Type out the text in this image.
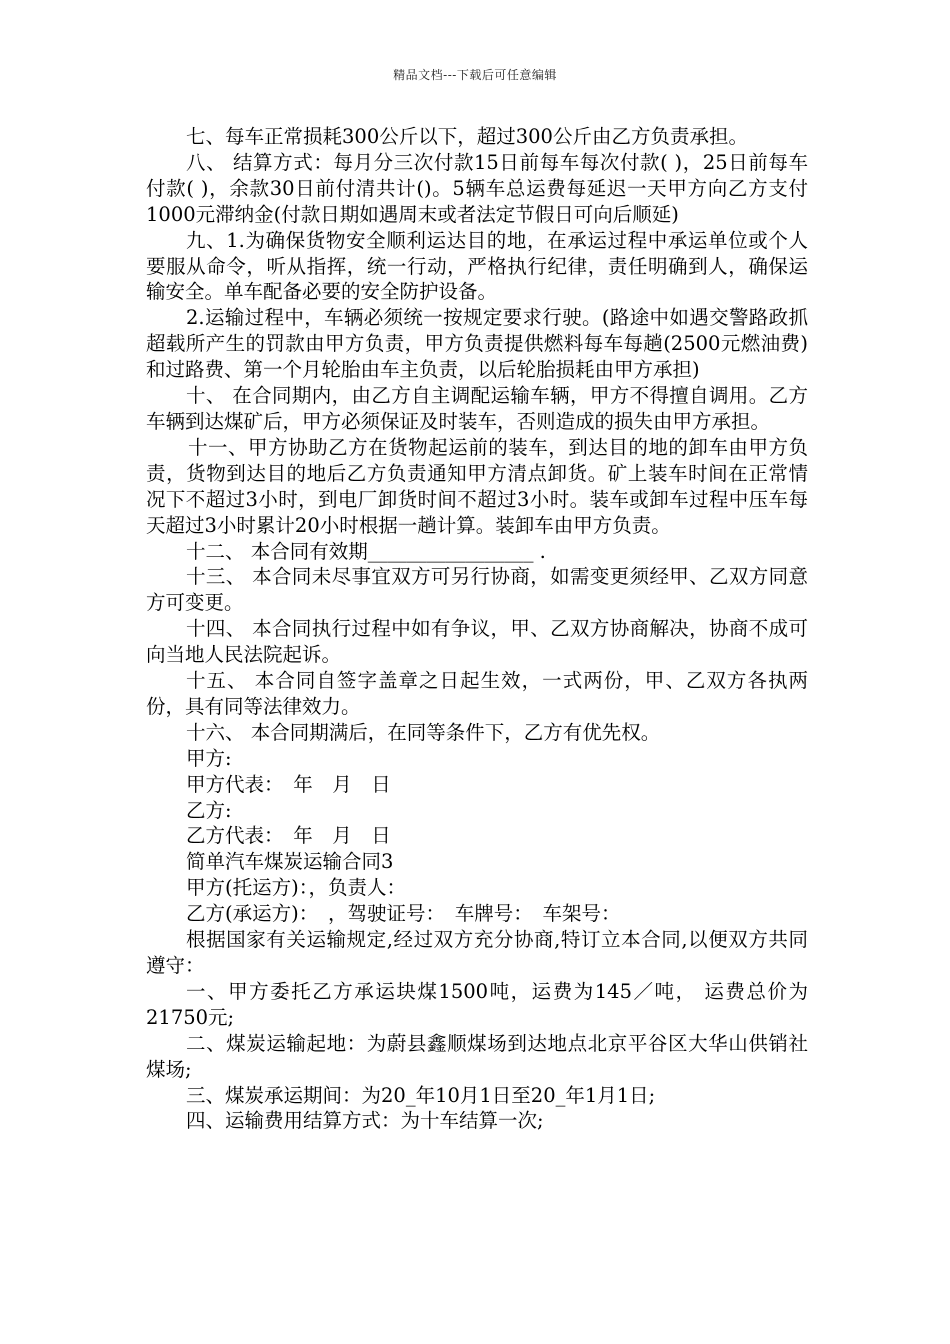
精品文档---下载后可任意编辑

七、每车正常损耗300公斤以下，超过300公斤由乙方负责承担。

八、 结算方式：每月分三次付款15日前每车每次付款( )，25日前每车付款( )，余款30日前付清共计()。5辆车总运费每延迟一天甲方向乙方支付1000元滞纳金(付款日期如遇周末或者法定节假日可向后顺延)

九、1.为确保货物安全顺利运达目的地，在承运过程中承运单位或个人要服从命令，听从指挥，统一行动，严格执行纪律，责任明确到人，确保运输安全。单车配备必要的安全防护设备。

2.运输过程中，车辆必须统一按规定要求行驶。(路途中如遇交警路政抓超载所产生的罚款由甲方负责，甲方负责提供燃料每车每趟(2500元燃油费)和过路费、第一个月轮胎由车主负责，以后轮胎损耗由甲方承担)

十、 在合同期内，由乙方自主调配运输车辆，甲方不得擅自调用。乙方车辆到达煤矿后，甲方必须保证及时装车，否则造成的损失由甲方承担。

十一、甲方协助乙方在货物起运前的装车，到达目的地的卸车由甲方负责，货物到达目的地后乙方负责通知甲方清点卸货。矿上装车时间在正常情况下不超过3小时，到电厂卸货时间不超过3小时。装车或卸车过程中压车每天超过3小时累计20小时根据一趟计算。装卸车由甲方负责。

十二、 本合同有效期_________________ .

十三、 本合同未尽事宜双方可另行协商，如需变更须经甲、乙双方同意方可变更。

十四、 本合同执行过程中如有争议，甲、乙双方协商解决，协商不成可向当地人民法院起诉。

十五、 本合同自签字盖章之日起生效，一式两份，甲、乙双方各执两份，具有同等法律效力。

十六、 本合同期满后，在同等条件下，乙方有优先权。

甲方:

甲方代表：　年　月　日

乙方:

乙方代表：　年　月　日

简单汽车煤炭运输合同3

甲方(托运方)：，负责人：

乙方(承运方)：　，驾驶证号：　车牌号：　车架号：

根据国家有关运输规定,经过双方充分协商,特订立本合同,以便双方共同遵守：

一、甲方委托乙方承运块煤1500吨，运费为145／吨， 运费总价为21750元;

二、煤炭运输起地：为蔚县鑫顺煤场到达地点北京平谷区大华山供销社煤场;

三、煤炭承运期间：为20_年10月1日至20_年1月1日;

四、运输费用结算方式：为十车结算一次;
